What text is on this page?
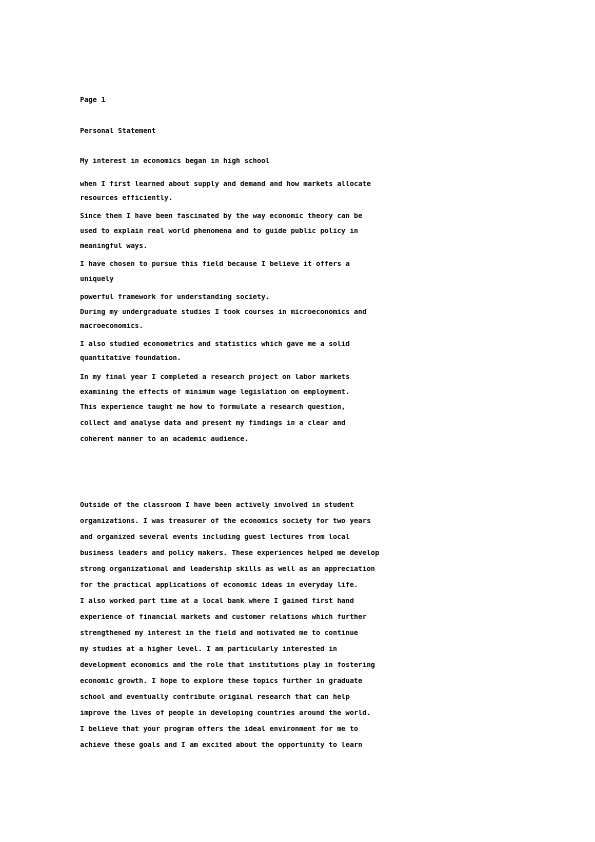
Page 1
Personal Statement
My interest in economics began in high school
when I first learned about supply and demand and how markets allocate
resources efficiently.
Since then I have been fascinated by the way economic theory can be
used to explain real world phenomena and to guide public policy in
meaningful ways.
I have chosen to pursue this field because I believe it offers a
uniquely
powerful framework for understanding society.
During my undergraduate studies I took courses in microeconomics and
macroeconomics.
I also studied econometrics and statistics which gave me a solid
quantitative foundation.
In my final year I completed a research project on labor markets
examining the effects of minimum wage legislation on employment.
This experience taught me how to formulate a research question,
collect and analyse data and present my findings in a clear and
coherent manner to an academic audience.
Outside of the classroom I have been actively involved in student
organizations. I was treasurer of the economics society for two years
and organized several events including guest lectures from local
business leaders and policy makers. These experiences helped me develop
strong organizational and leadership skills as well as an appreciation
for the practical applications of economic ideas in everyday life.
I also worked part time at a local bank where I gained first hand
experience of financial markets and customer relations which further
strengthened my interest in the field and motivated me to continue
my studies at a higher level. I am particularly interested in
development economics and the role that institutions play in fostering
economic growth. I hope to explore these topics further in graduate
school and eventually contribute original research that can help
improve the lives of people in developing countries around the world.
I believe that your program offers the ideal environment for me to
achieve these goals and I am excited about the opportunity to learn
